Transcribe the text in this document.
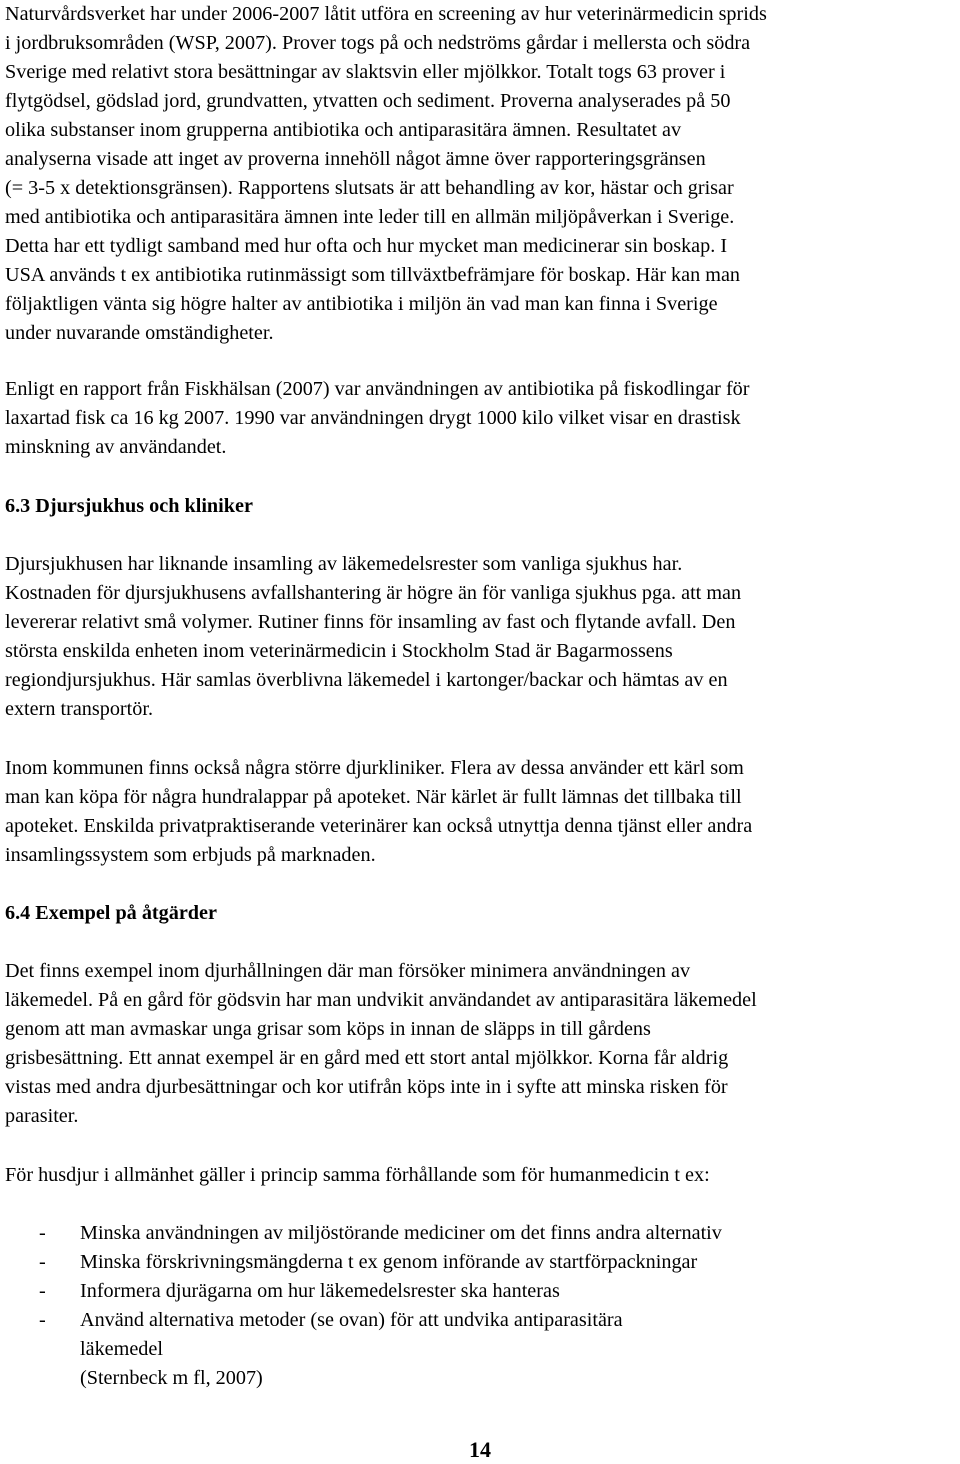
Naturvårdsverket har under 2006-2007 låtit utföra en screening av hur veterinärmedicin sprids
i jordbruksområden (WSP, 2007). Prover togs på och nedströms gårdar i mellersta och södra
Sverige med relativt stora besättningar av slaktsvin eller mjölkkor. Totalt togs 63 prover i
flytgödsel, gödslad jord, grundvatten, ytvatten och sediment. Proverna analyserades på 50
olika substanser inom grupperna antibiotika och antiparasitära ämnen. Resultatet av
analyserna visade att inget av proverna innehöll något ämne över rapporteringsgränsen
(= 3-5 x detektionsgränsen). Rapportens slutsats är att behandling av kor, hästar och grisar
med antibiotika och antiparasitära ämnen inte leder till en allmän miljöpåverkan i Sverige.
Detta har ett tydligt samband med hur ofta och hur mycket man medicinerar sin boskap. I
USA används t ex antibiotika rutinmässigt som tillväxtbefrämjare för boskap. Här kan man
följaktligen vänta sig högre halter av antibiotika i miljön än vad man kan finna i Sverige
under nuvarande omständigheter.
Enligt en rapport från Fiskhälsan (2007) var användningen av antibiotika på fiskodlingar för
laxartad fisk ca 16 kg 2007. 1990 var användningen drygt 1000 kilo vilket visar en drastisk
minskning av användandet.
6.3 Djursjukhus och kliniker
Djursjukhusen har liknande insamling av läkemedelsrester som vanliga sjukhus har.
Kostnaden för djursjukhusens avfallshantering är högre än för vanliga sjukhus pga. att man
levererar relativt små volymer. Rutiner finns för insamling av fast och flytande avfall. Den
största enskilda enheten inom veterinärmedicin i Stockholm Stad är Bagarmossens
regiondjursjukhus. Här samlas överblivna läkemedel i kartonger/backar och hämtas av en
extern transportör.
Inom kommunen finns också några större djurkliniker. Flera av dessa använder ett kärl som
man kan köpa för några hundralappar på apoteket. När kärlet är fullt lämnas det tillbaka till
apoteket. Enskilda privatpraktiserande veterinärer kan också utnyttja denna tjänst eller andra
insamlingssystem som erbjuds på marknaden.
6.4 Exempel på åtgärder
Det finns exempel inom djurhållningen där man försöker minimera användningen av
läkemedel. På en gård för gödsvin har man undvikit användandet av antiparasitära läkemedel
genom att man avmaskar unga grisar som köps in innan de släpps in till gårdens
grisbesättning. Ett annat exempel är en gård med ett stort antal mjölkkor. Korna får aldrig
vistas med andra djurbesättningar och kor utifrån köps inte in i syfte att minska risken för
parasiter.
För husdjur i allmänhet gäller i princip samma förhållande som för humanmedicin t ex:
- Minska användningen av miljöstörande mediciner om det finns andra alternativ
- Minska förskrivningsmängderna t ex genom införande av startförpackningar
- Informera djurägarna om hur läkemedelsrester ska hanteras
- Använd alternativa metoder (se ovan) för att undvika antiparasitära
läkemedel
(Sternbeck m fl, 2007)
14
